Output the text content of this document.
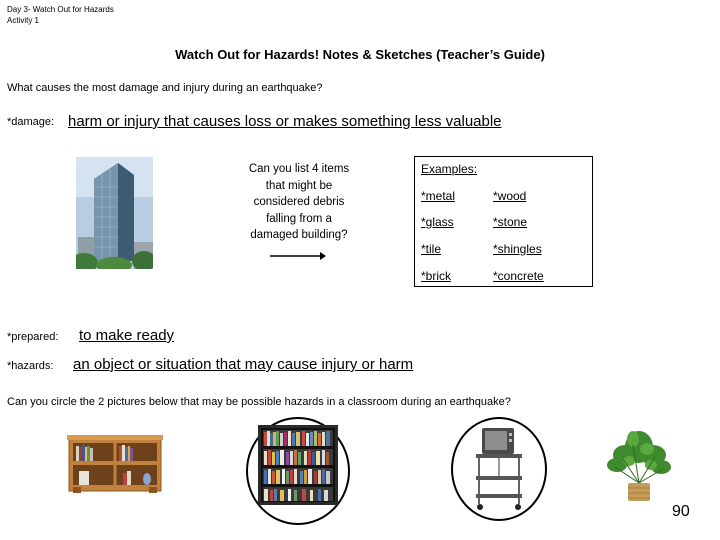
Day 3- Watch Out for Hazards
Activity 1
Watch Out for Hazards! Notes & Sketches (Teacher’s Guide)
What causes the most damage and injury during an earthquake?
*damage: harm or injury that causes loss or makes something less valuable
Can you list 4 items
that might be
considered debris
falling from a
damaged building?
Examples:
*metal	*wood
*glass	*stone
*tile	*shingles
*brick	*concrete
*prepared: to make ready
*hazards: an object or situation that may cause injury or harm
Can you circle the 2 pictures below that may be possible hazards in a classroom during an earthquake?
90
